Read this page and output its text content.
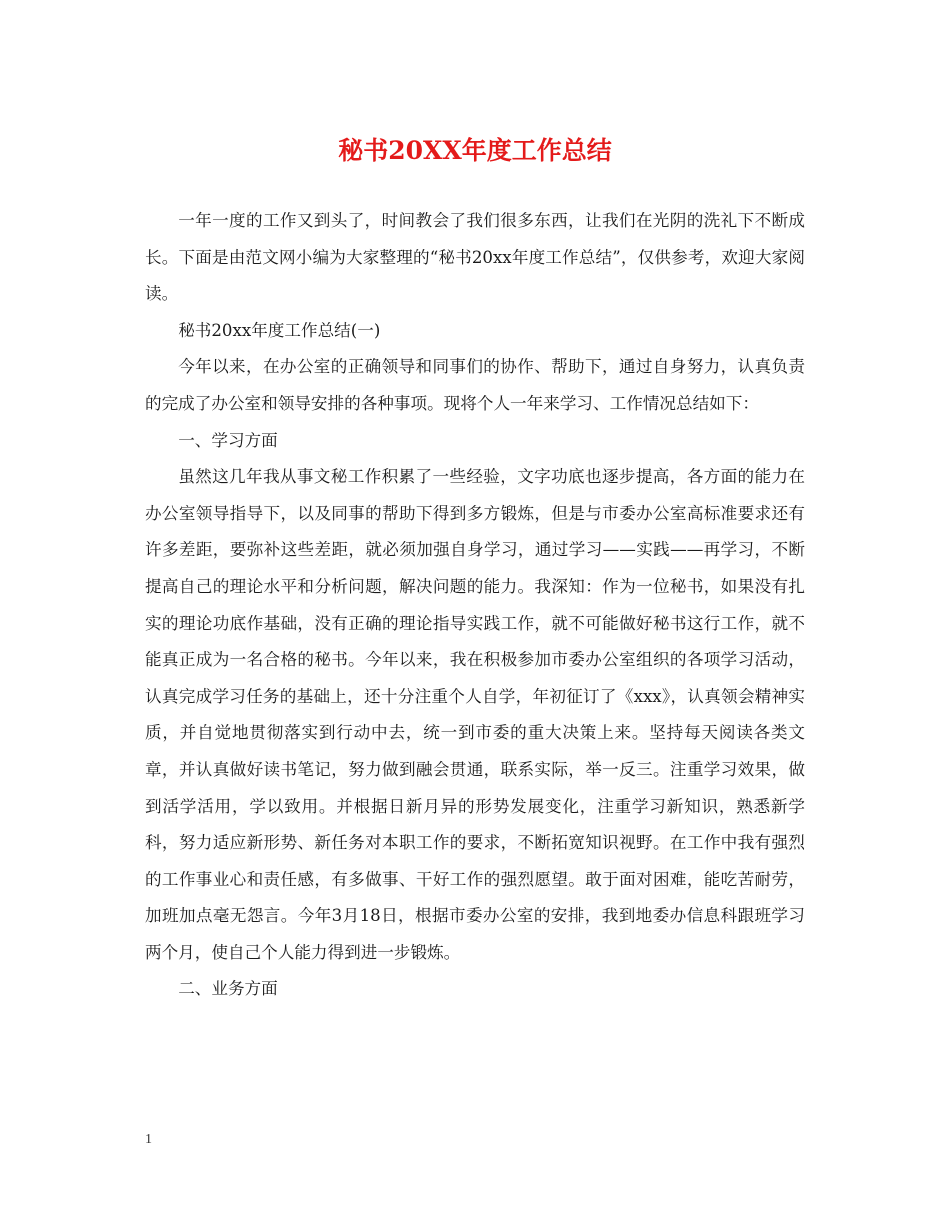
秘书20XX年度工作总结

一年一度的工作又到头了，时间教会了我们很多东西，让我们在光阴的洗礼下不断成长。下面是由范文网小编为大家整理的“秘书20xx年度工作总结”，仅供参考，欢迎大家阅读。

秘书20xx年度工作总结(一)

今年以来，在办公室的正确领导和同事们的协作、帮助下，通过自身努力，认真负责的完成了办公室和领导安排的各种事项。现将个人一年来学习、工作情况总结如下：

一、学习方面

虽然这几年我从事文秘工作积累了一些经验，文字功底也逐步提高，各方面的能力在办公室领导指导下，以及同事的帮助下得到多方锻炼，但是与市委办公室高标准要求还有许多差距，要弥补这些差距，就必须加强自身学习，通过学习——实践——再学习，不断提高自己的理论水平和分析问题，解决问题的能力。我深知：作为一位秘书，如果没有扎实的理论功底作基础，没有正确的理论指导实践工作，就不可能做好秘书这行工作，就不能真正成为一名合格的秘书。今年以来，我在积极参加市委办公室组织的各项学习活动，认真完成学习任务的基础上，还十分注重个人自学，年初征订了《xxx》，认真领会精神实质，并自觉地贯彻落实到行动中去，统一到市委的重大决策上来。坚持每天阅读各类文章，并认真做好读书笔记，努力做到融会贯通，联系实际，举一反三。注重学习效果，做到活学活用，学以致用。并根据日新月异的形势发展变化，注重学习新知识，熟悉新学科，努力适应新形势、新任务对本职工作的要求，不断拓宽知识视野。在工作中我有强烈的工作事业心和责任感，有多做事、干好工作的强烈愿望。敢于面对困难，能吃苦耐劳，加班加点毫无怨言。今年3月18日，根据市委办公室的安排，我到地委办信息科跟班学习两个月，使自己个人能力得到进一步锻炼。

二、业务方面

1
